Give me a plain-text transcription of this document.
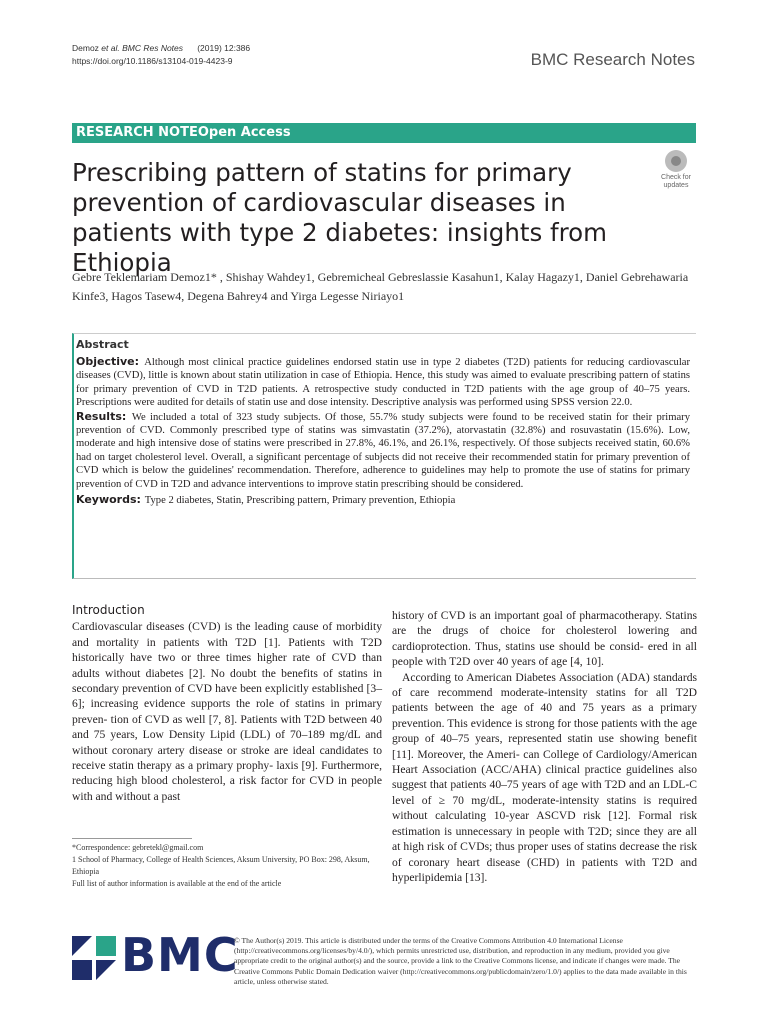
Demoz et al. BMC Res Notes (2019) 12:386
https://doi.org/10.1186/s13104-019-4423-9	BMC Research Notes
RESEARCH NOTEOpen Access
Prescribing pattern of statins for primary prevention of cardiovascular diseases in patients with type 2 diabetes: insights from Ethiopia
Check for
updates
Gebre Teklemariam Demoz1* , Shishay Wahdey1, Gebremicheal Gebreslassie Kasahun1, Kalay Hagazy1, Daniel Gebrehawaria Kinfe3, Hagos Tasew4, Degena Bahrey4 and Yirga Legesse Niriayo1
Abstract

Objective: Although most clinical practice guidelines endorsed statin use in type 2 diabetes (T2D) patients for reducing cardiovascular diseases (CVD), little is known about statin utilization in case of Ethiopia. Hence, this study was aimed to evaluate prescribing pattern of statins for primary prevention of CVD in T2D patients. A retrospective study conducted in T2D patients with the age group of 40–75 years. Prescriptions were audited for details of statin use and dose intensity. Descriptive analysis was performed using SPSS version 22.0.

Results: We included a total of 323 study subjects. Of those, 55.7% study subjects were found to be received statin for their primary prevention of CVD. Commonly prescribed type of statins was simvastatin (37.2%), atorvastatin (32.8%) and rosuvastatin (15.6%). Low, moderate and high intensive dose of statins were prescribed in 27.8%, 46.1%, and 26.1%, respectively. Of those subjects received statin, 60.6% had on target cholesterol level. Overall, a significant percentage of subjects did not receive their recommended statin for primary prevention of CVD which is below the guidelines' recommendation. Therefore, adherence to guidelines may help to promote the use of statins for primary prevention of CVD in T2D and advance interventions to improve statin prescribing should be considered.

Keywords: Type 2 diabetes, Statin, Prescribing pattern, Primary prevention, Ethiopia

Introduction

Cardiovascular diseases (CVD) is the leading cause of morbidity and mortality in patients with T2D [1]. Patients with T2D historically have two or three times higher rate of CVD than adults without diabetes [2]. No doubt the benefits of statins in secondary prevention of CVD have been explicitly established [3–6]; increasing evidence supports the role of statins in primary preven- tion of CVD as well [7, 8]. Patients with T2D between 40 and 75 years, Low Density Lipid (LDL) of 70–189 mg/dL and without coronary artery disease or stroke are ideal candidates to receive statin therapy as a primary prophy- laxis [9]. Furthermore, reducing high blood cholesterol, a risk factor for CVD in people with and without a past

history of CVD is an important goal of pharmacotherapy. Statins are the drugs of choice for cholesterol lowering and cardioprotection. Thus, statins use should be consid- ered in all people with T2D over 40 years of age [4, 10].

According to American Diabetes Association (ADA) standards of care recommend moderate-intensity statins for all T2D patients between the age of 40 and 75 years as a primary prevention. This evidence is strong for those patients with the age group of 40–75 years, represented statin use showing benefit [11]. Moreover, the Ameri- can College of Cardiology/American Heart Association (ACC/AHA) clinical practice guidelines also suggest that patients 40–75 years of age with T2D and an LDL-C level of ≥ 70 mg/dL, moderate-intensity statins is required without calculating 10-year ASCVD risk [12]. Formal risk estimation is unnecessary in people with T2D; since they are all at high risk of CVDs; thus proper uses of statins decrease the risk of coronary heart disease (CHD) in patients with T2D and hyperlipidemia [13].

*Correspondence: gebretekl@gmail.com
1 School of Pharmacy, College of Health Sciences, Aksum University, PO Box: 298, Aksum, Ethiopia
Full list of author information is available at the end of the article
BMC
© The Author(s) 2019. This article is distributed under the terms of the Creative Commons Attribution 4.0 International License (http://creativecommons.org/licenses/by/4.0/), which permits unrestricted use, distribution, and reproduction in any medium, provided you give appropriate credit to the original author(s) and the source, provide a link to the Creative Commons license, and indicate if changes were made. The Creative Commons Public Domain Dedication waiver (http://creativecommons.org/publicdomain/zero/1.0/) applies to the data made available in this article, unless otherwise stated.
